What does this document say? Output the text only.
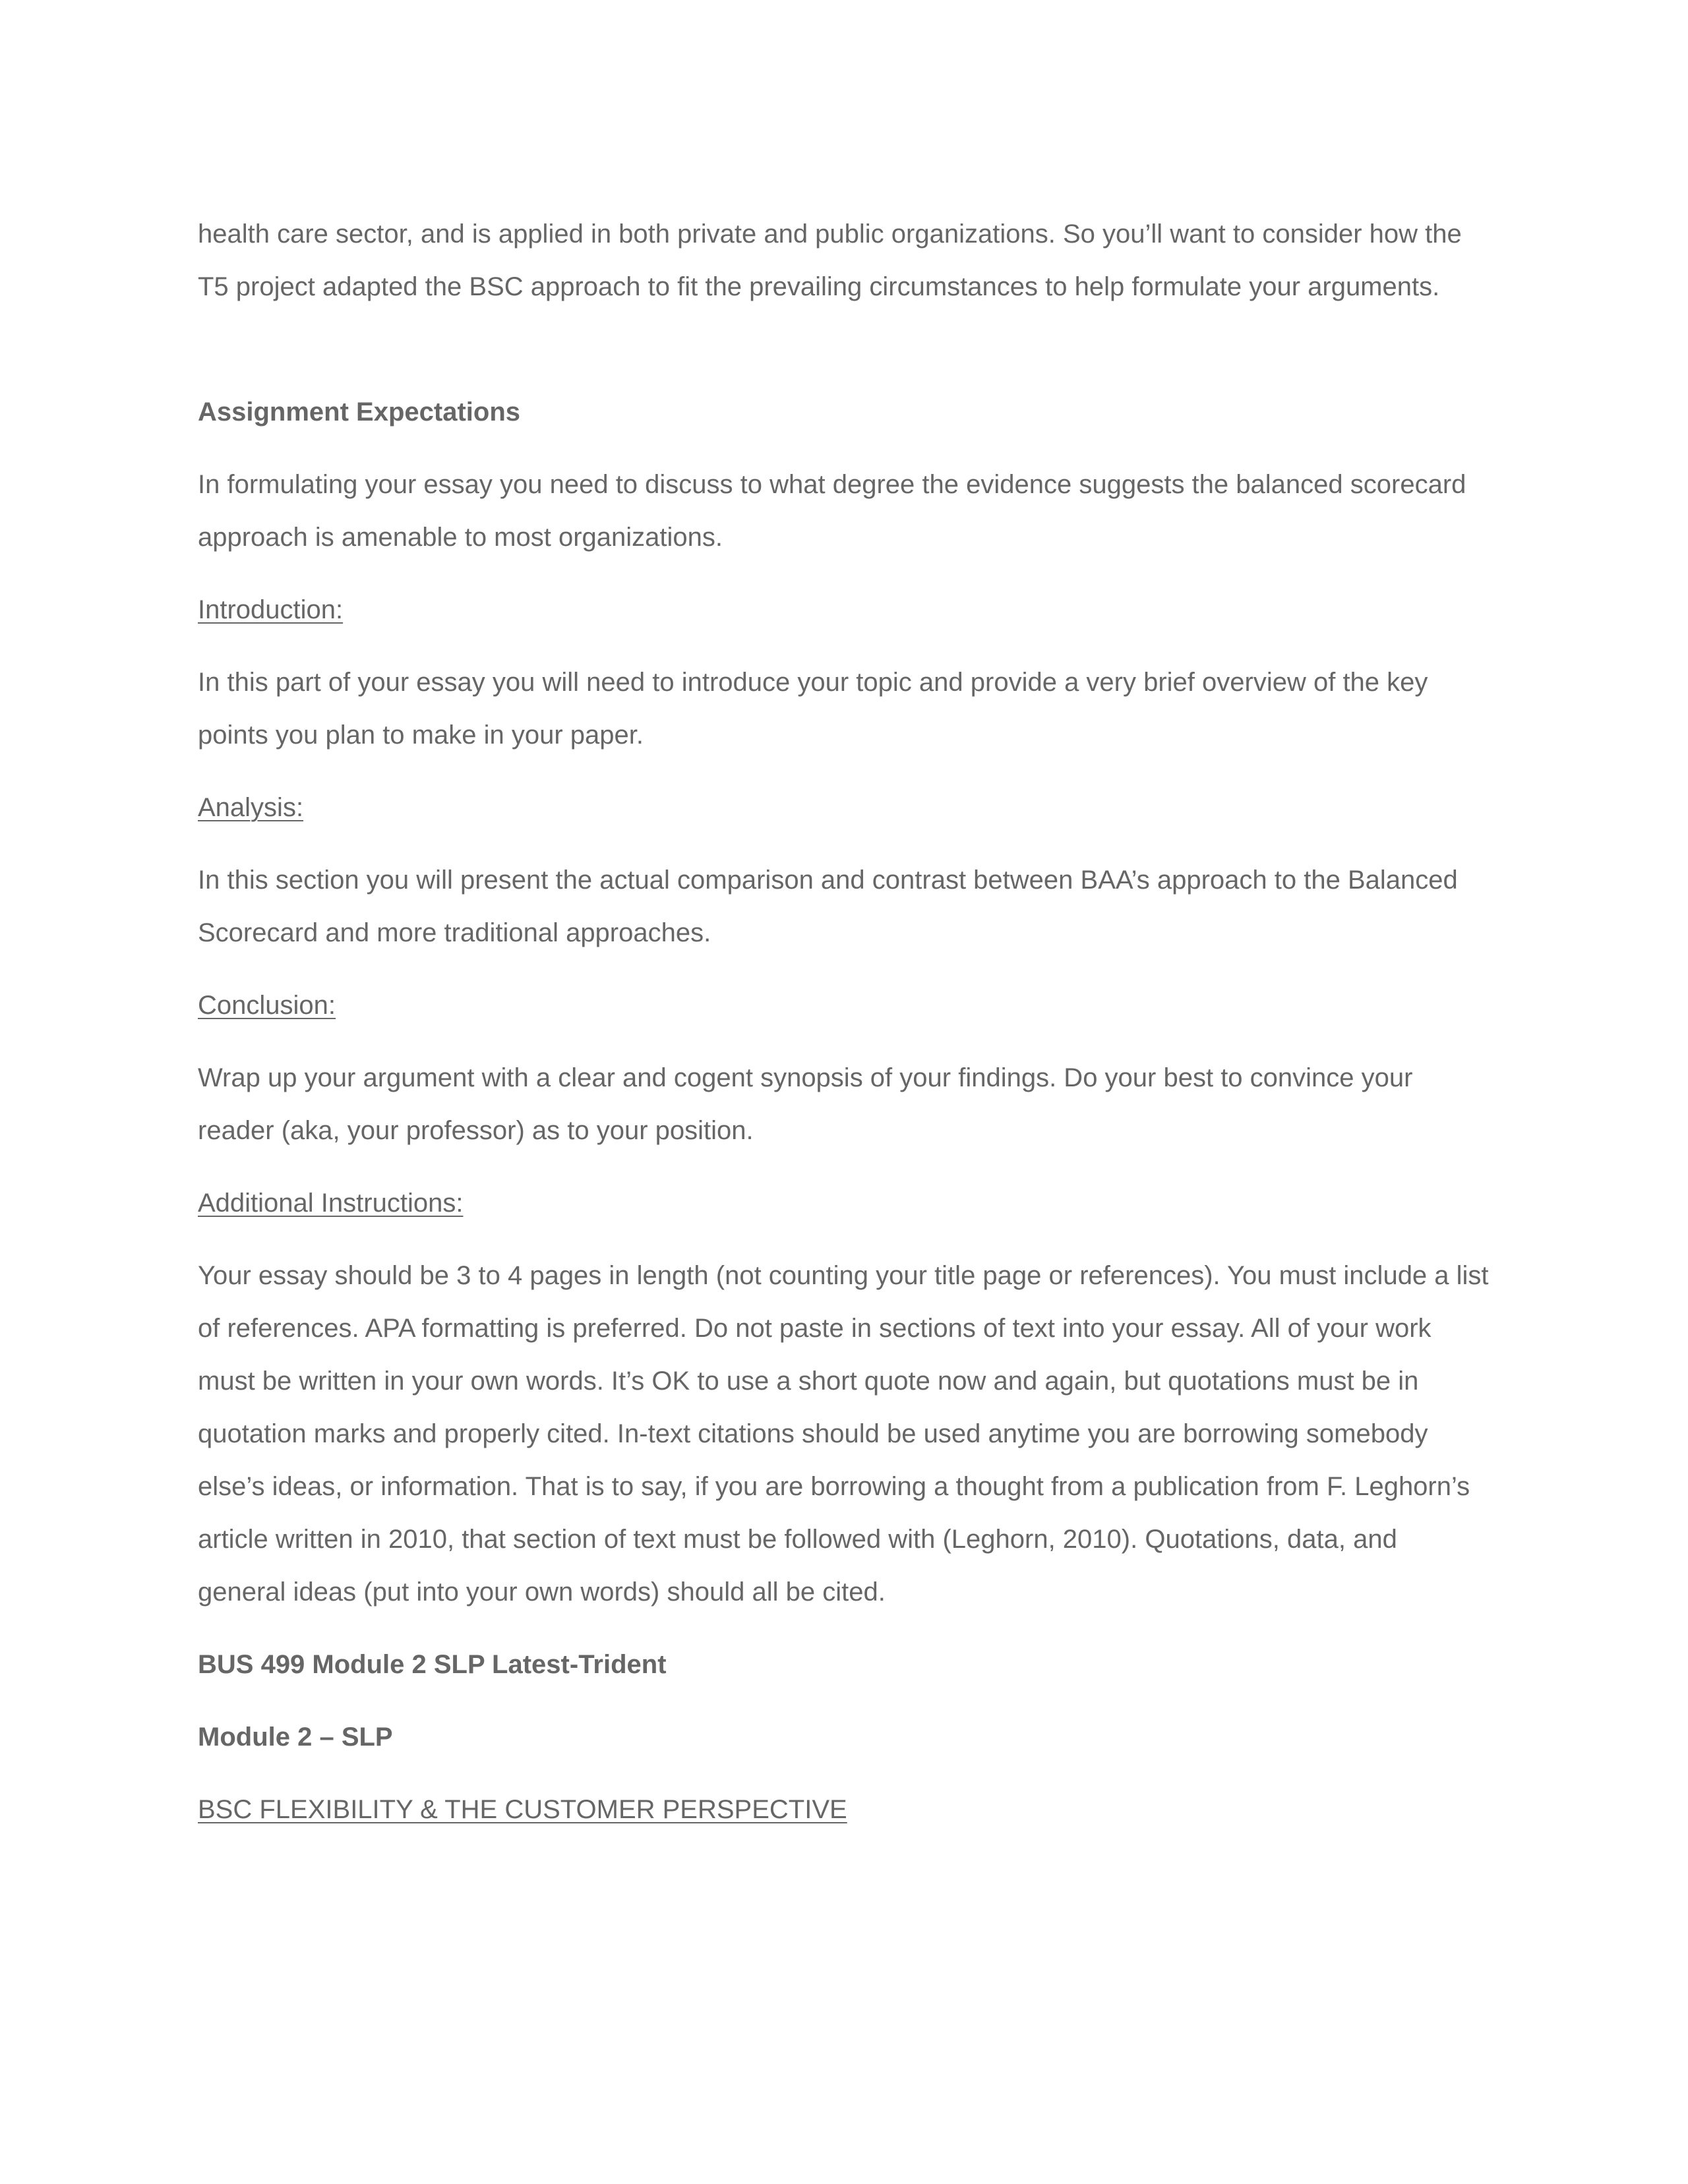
health care sector, and is applied in both private and public organizations. So you’ll want to consider how the T5 project adapted the BSC approach to fit the prevailing circumstances to help formulate your arguments.

Assignment Expectations

In formulating your essay you need to discuss to what degree the evidence suggests the balanced scorecard approach is amenable to most organizations.

Introduction:

In this part of your essay you will need to introduce your topic and provide a very brief overview of the key points you plan to make in your paper.

Analysis:

In this section you will present the actual comparison and contrast between BAA’s approach to the Balanced Scorecard and more traditional approaches.

Conclusion:

Wrap up your argument with a clear and cogent synopsis of your findings. Do your best to convince your reader (aka, your professor) as to your position.

Additional Instructions:

Your essay should be 3 to 4 pages in length (not counting your title page or references). You must include a list of references. APA formatting is preferred. Do not paste in sections of text into your essay. All of your work must be written in your own words. It’s OK to use a short quote now and again, but quotations must be in quotation marks and properly cited. In-text citations should be used anytime you are borrowing somebody else’s ideas, or information. That is to say, if you are borrowing a thought from a publication from F. Leghorn’s article written in 2010, that section of text must be followed with (Leghorn, 2010). Quotations, data, and general ideas (put into your own words) should all be cited.

BUS 499 Module 2 SLP Latest-Trident

Module 2 – SLP

BSC FLEXIBILITY & THE CUSTOMER PERSPECTIVE
